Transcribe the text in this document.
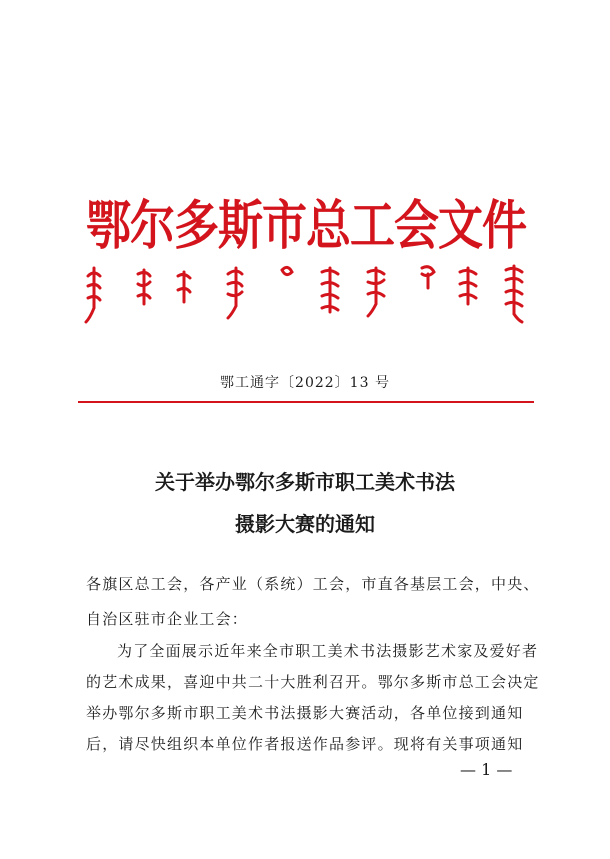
鄂尔多斯市总工会文件
鄂工通字〔2022〕13 号
关于举办鄂尔多斯市职工美术书法
摄影大赛的通知
各旗区总工会，各产业（系统）工会，市直各基层工会，中央、
自治区驻市企业工会：
为了全面展示近年来全市职工美术书法摄影艺术家及爱好者
的艺术成果，喜迎中共二十大胜利召开。鄂尔多斯市总工会决定
举办鄂尔多斯市职工美术书法摄影大赛活动，各单位接到通知
后，请尽快组织本单位作者报送作品参评。现将有关事项通知
— 1 —
